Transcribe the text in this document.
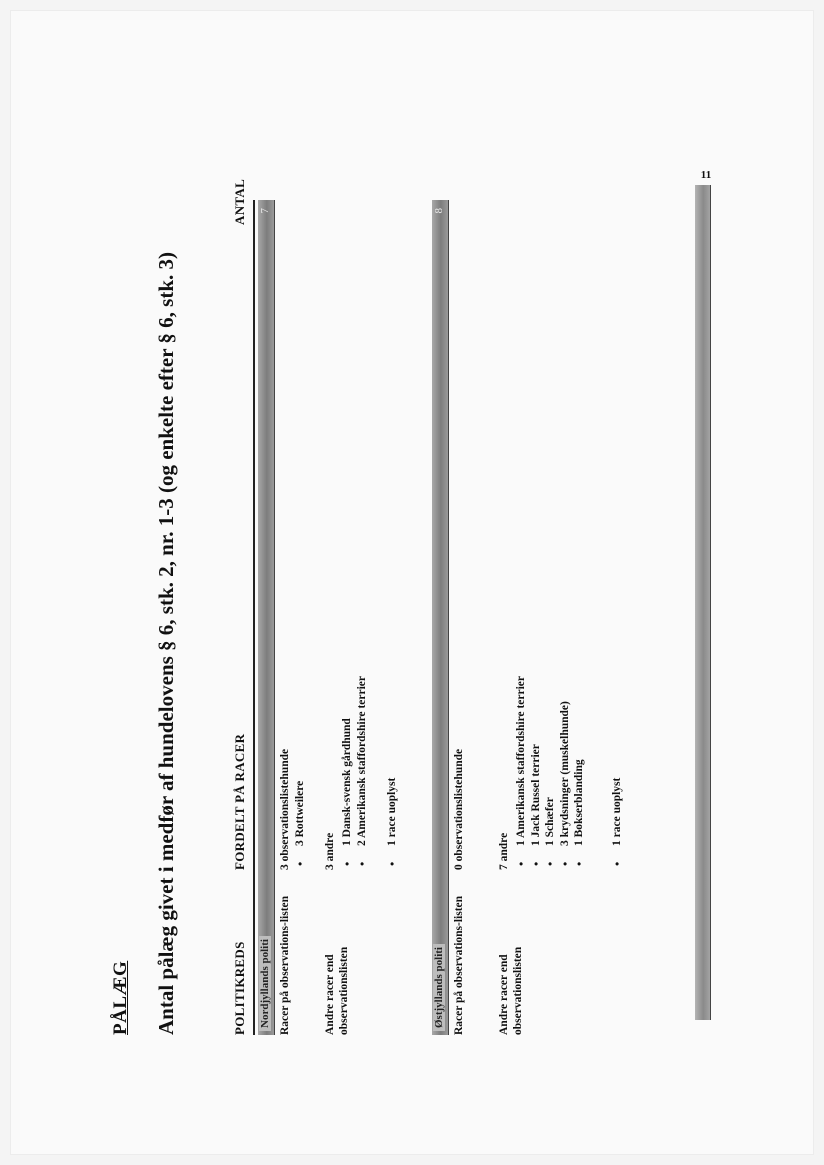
PÅLÆG Antal pålæg givet i medfør af hundelovens § 6, stk. 2, nr. 1-3 (og enkelte efter § 6, stk. 3)	POLITIKREDS
FORDELT PÅ RACER
ANTAL
Nordjyllands politi
7
Racer på observations-listen
3 observationslistehunde • 3 Rottweilere
Andre racer end observationslisten
3 andre
• 1 Dansk-svensk gårdhund • 2 Amerikansk staffordshire terrier • 1 race uoplyst
Østjyllands politi
8
Racer på observations-listen
0 observationslistehunde
Andre racer end observationslisten
7 andre
• 1 Amerikansk staffordshire terrier • 1 Jack Russel terrier • 1 Schæfer • 3 krydsninger (muskelhunde) • 1 Bokserblanding • 1 race uoplyst
11
